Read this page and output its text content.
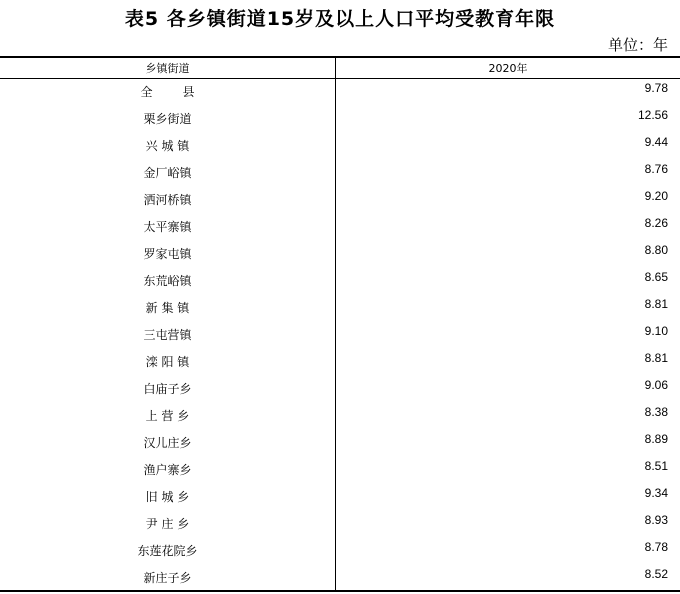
表5 各乡镇街道15岁及以上人口平均受教育年限
单位：年
乡镇街道	2020年
全县	9.78
栗乡街道	12.56
兴 城 镇	9.44
金厂峪镇	8.76
洒河桥镇	9.20
太平寨镇	8.26
罗家屯镇	8.80
东荒峪镇	8.65
新 集 镇	8.81
三屯营镇	9.10
滦 阳 镇	8.81
白庙子乡	9.06
上 营 乡	8.38
汉儿庄乡	8.89
渔户寨乡	8.51
旧 城 乡	9.34
尹 庄 乡	8.93
东莲花院乡	8.78
新庄子乡	8.52
